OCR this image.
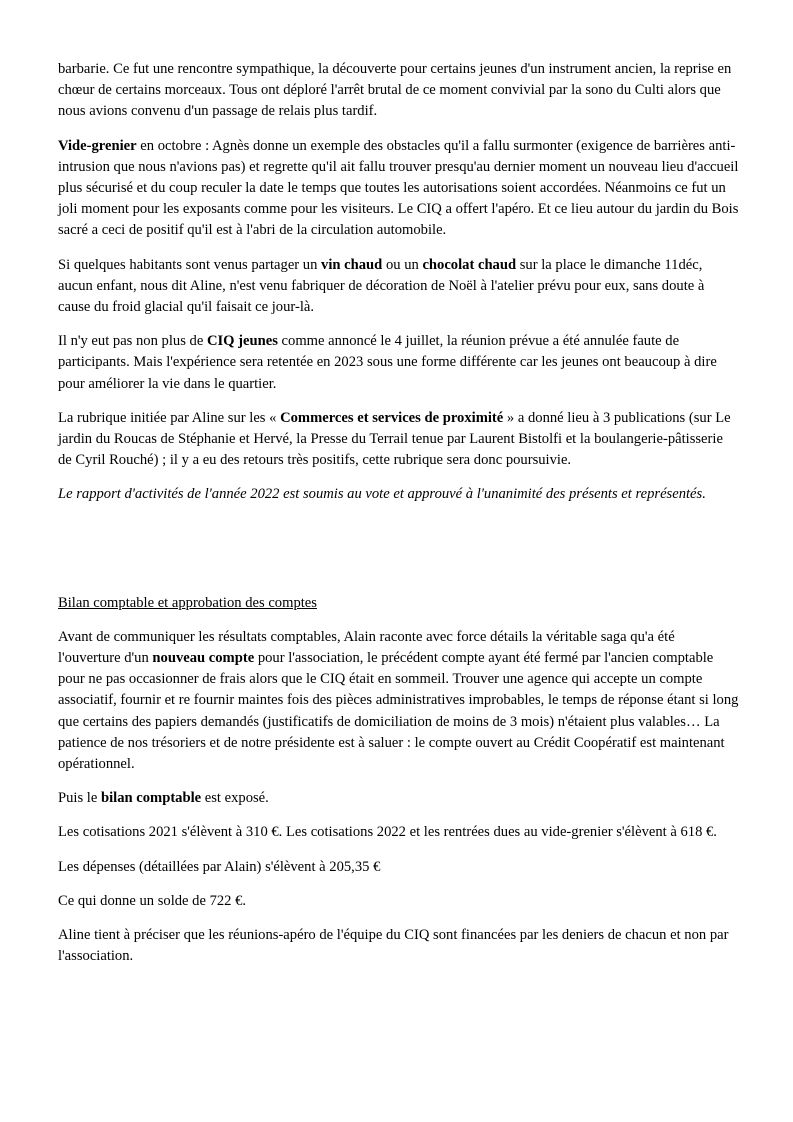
barbarie. Ce fut une rencontre sympathique, la découverte pour certains jeunes d'un instrument ancien, la reprise en chœur de certains morceaux. Tous ont déploré l'arrêt brutal de ce moment convivial par la sono du Culti alors que nous avions convenu d'un passage de relais plus tardif.

Vide-grenier en octobre : Agnès donne un exemple des obstacles qu'il a fallu surmonter (exigence de barrières anti-intrusion que nous n'avions pas) et regrette qu'il ait fallu trouver presqu'au dernier moment un nouveau lieu d'accueil plus sécurisé et du coup reculer la date le temps que toutes les autorisations soient accordées. Néanmoins ce fut un joli moment pour les exposants comme pour les visiteurs. Le CIQ a offert l'apéro. Et ce lieu autour du jardin du Bois sacré a ceci de positif qu'il est à l'abri de la circulation automobile.

Si quelques habitants sont venus partager un vin chaud ou un chocolat chaud sur la place le dimanche 11déc, aucun enfant, nous dit Aline, n'est venu fabriquer de décoration de Noël à l'atelier prévu pour eux, sans doute à cause du froid glacial qu'il faisait ce jour-là.

Il n'y eut pas non plus de CIQ jeunes comme annoncé le 4 juillet, la réunion prévue a été annulée faute de participants. Mais l'expérience sera retentée en 2023 sous une forme différente car les jeunes ont beaucoup à dire pour améliorer la vie dans le quartier.

La rubrique initiée par Aline sur les « Commerces et services de proximité » a donné lieu à 3 publications (sur Le jardin du Roucas de Stéphanie et Hervé, la Presse du Terrail tenue par Laurent Bistolfi et la boulangerie-pâtisserie de Cyril Rouché) ; il y a eu des retours très positifs, cette rubrique sera donc poursuivie.

Le rapport d'activités de l'année 2022 est soumis au vote et approuvé à l'unanimité des présents et représentés.

Bilan comptable et approbation des comptes

Avant de communiquer les résultats comptables, Alain raconte avec force détails la véritable saga qu'a été l'ouverture d'un nouveau compte pour l'association, le précédent compte ayant été fermé par l'ancien comptable pour ne pas occasionner de frais alors que le CIQ était en sommeil. Trouver une agence qui accepte un compte associatif, fournir et re fournir maintes fois des pièces administratives improbables, le temps de réponse étant si long que certains des papiers demandés (justificatifs de domiciliation de moins de 3 mois) n'étaient plus valables… La patience de nos trésoriers et de notre présidente est à saluer : le compte ouvert au Crédit Coopératif est maintenant opérationnel.

Puis le bilan comptable est exposé.

Les cotisations 2021 s'élèvent à 310 €. Les cotisations 2022 et les rentrées dues au vide-grenier s'élèvent à 618 €.

Les dépenses (détaillées par Alain) s'élèvent à 205,35 €

Ce qui donne un solde de 722 €.

Aline tient à préciser que les réunions-apéro de l'équipe du CIQ sont financées par les deniers de chacun et non par l'association.
